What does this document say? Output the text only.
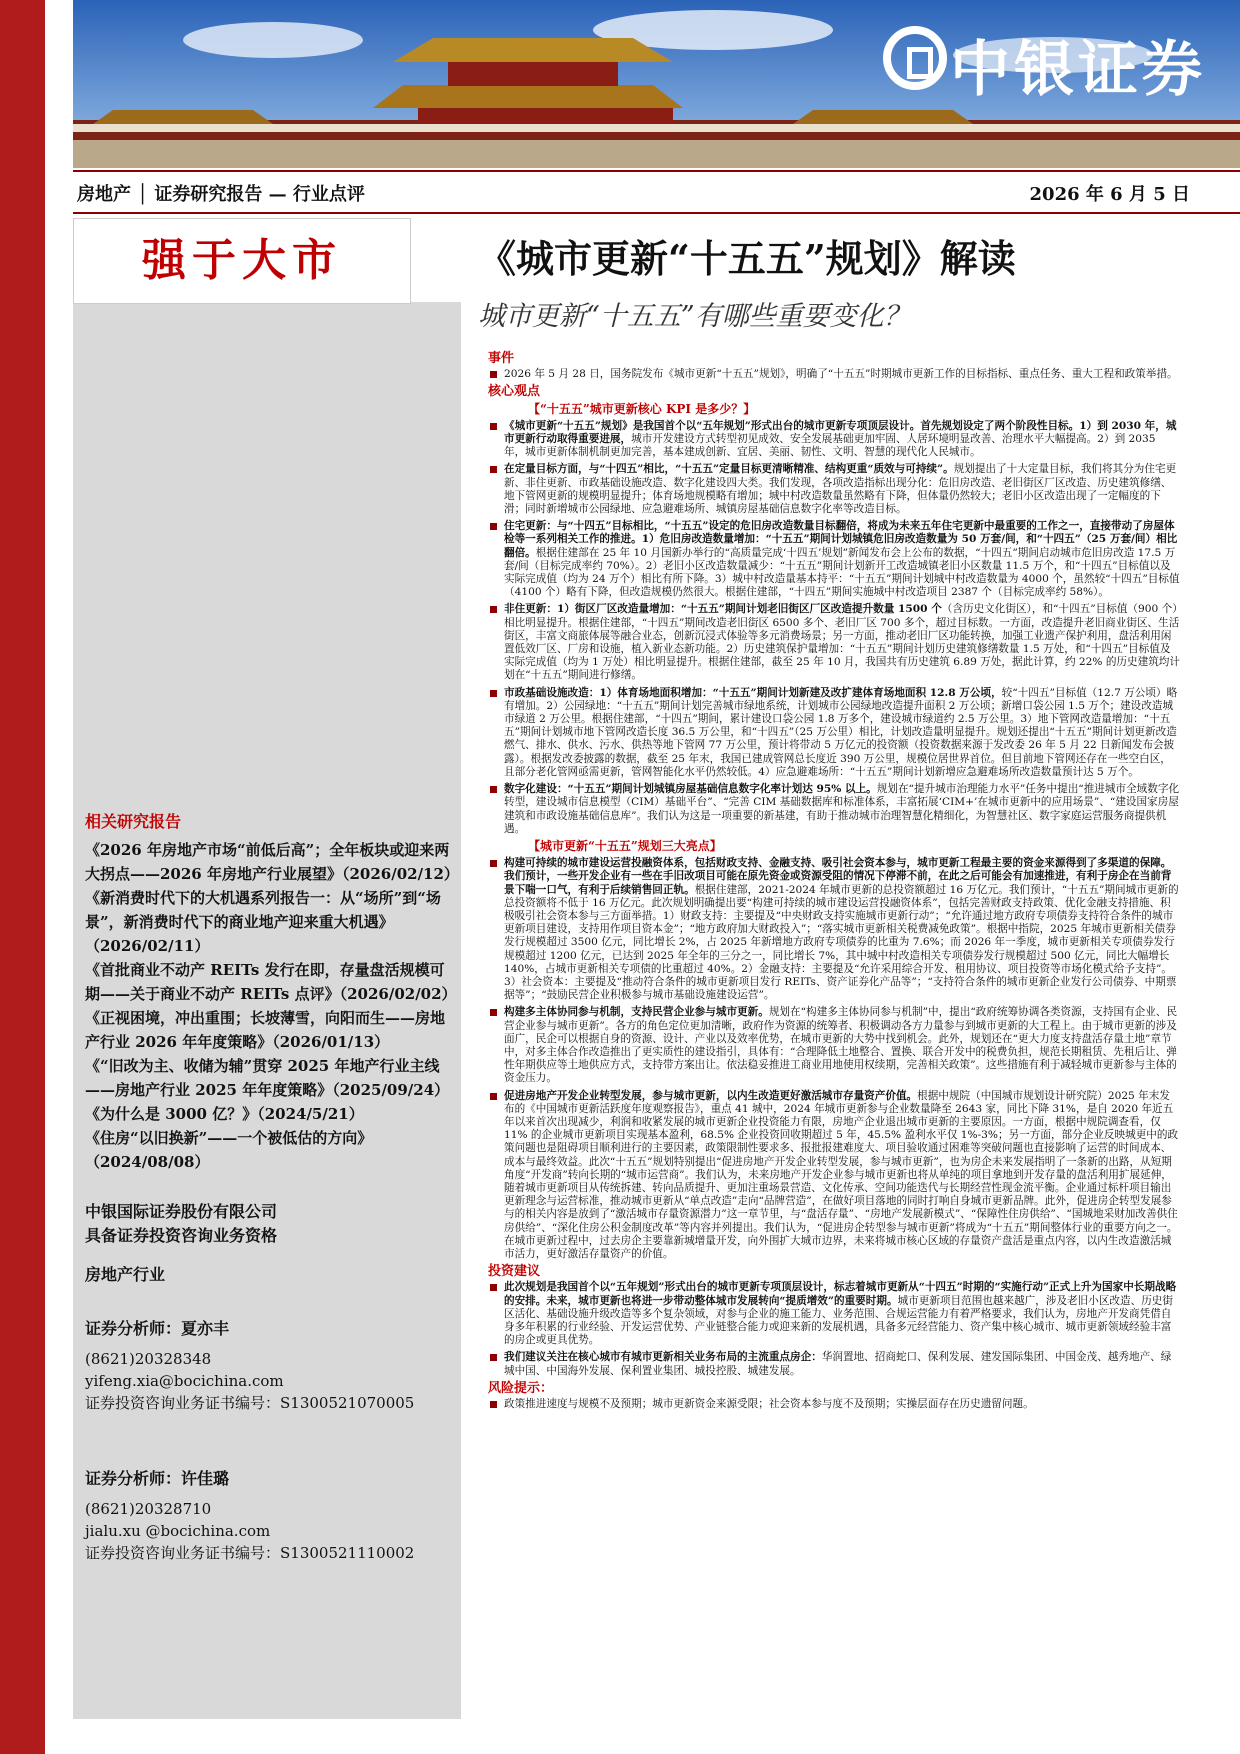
中银证券
房地产 │ 证券研究报告 — 行业点评	2026 年 6 月 5 日
强于大市	《城市更新“十五五”规划》解读
城市更新“十五五”有哪些重要变化？
事件
2026 年 5 月 28 日，国务院发布《城市更新“十五五”规划》，明确了“十五五”时期城市更新工作的目标指标、重点任务、重大工程和政策举措。
核心观点
【“十五五”城市更新核心 KPI 是多少？】
《城市更新“十五五”规划》是我国首个以“五年规划”形式出台的城市更新专项顶层设计。首先规划设定了两个阶段性目标。1）到 2030 年，城市更新行动取得重要进展，城市开发建设方式转型初见成效、安全发展基础更加牢固、人居环境明显改善、治理水平大幅提高。2）到 2035 年，城市更新体制机制更加完善，基本建成创新、宜居、美丽、韧性、文明、智慧的现代化人民城市。
在定量目标方面，与“十四五”相比，“十五五”定量目标更清晰精准、结构更重“质效与可持续”。规划提出了十大定量目标，我们将其分为住宅更新、非住更新、市政基础设施改造、数字化建设四大类。我们发现，各项改造指标出现分化：危旧房改造、老旧街区厂区改造、历史建筑修缮、地下管网更新的规模明显提升；体育场地规模略有增加；城中村改造数量虽然略有下降，但体量仍然较大；老旧小区改造出现了一定幅度的下滑；同时新增城市公园绿地、应急避难场所、城镇房屋基础信息数字化率等改造目标。
住宅更新：与“十四五”目标相比，“十五五”设定的危旧房改造数量目标翻倍，将成为未来五年住宅更新中最重要的工作之一，直接带动了房屋体检等一系列相关工作的推进。1）危旧房改造数量增加：“十五五”期间计划城镇危旧房改造数量为 50 万套/间，和“十四五”（25 万套/间）相比翻倍。根据住建部在 25 年 10 月国新办举行的“高质量完成‘十四五’规划”新闻发布会上公布的数据，“十四五”期间启动城市危旧房改造 17.5 万套/间（目标完成率约 70%）。2）老旧小区改造数量减少：“十五五”期间计划新开工改造城镇老旧小区数量 11.5 万个，和“十四五”目标值以及实际完成值（均为 24 万个）相比有所下降。3）城中村改造量基本持平：“十五五”期间计划城中村改造数量为 4000 个，虽然较“十四五”目标值（4100 个）略有下降，但改造规模仍然很大。根据住建部，“十四五”期间实施城中村改造项目 2387 个（目标完成率约 58%）。
非住更新：1）街区厂区改造量增加：“十五五”期间计划老旧街区厂区改造提升数量 1500 个（含历史文化街区），和“十四五”目标值（900 个）相比明显提升。根据住建部，“十四五”期间改造老旧街区 6500 多个、老旧厂区 700 多个，超过目标数。一方面，改造提升老旧商业街区、生活街区，丰富文商旅体展等融合业态，创新沉浸式体验等多元消费场景；另一方面，推动老旧厂区功能转换，加强工业遗产保护利用，盘活利用闲置低效厂区、厂房和设施，植入新业态新功能。2）历史建筑保护量增加：“十五五”期间计划历史建筑修缮数量 1.5 万处，和“十四五”目标值及实际完成值（均为 1 万处）相比明显提升。根据住建部，截至 25 年 10 月，我国共有历史建筑 6.89 万处，据此计算，约 22% 的历史建筑均计划在“十五五”期间进行修缮。
市政基础设施改造：1）体育场地面积增加：“十五五”期间计划新建及改扩建体育场地面积 12.8 万公顷，较“十四五”目标值（12.7 万公顷）略有增加。2）公园绿地：“十五五”期间计划完善城市绿地系统，计划城市公园绿地改造提升面积 2 万公顷；新增口袋公园 1.5 万个；建设改造城市绿道 2 万公里。根据住建部，“十四五”期间，累计建设口袋公园 1.8 万多个，建设城市绿道约 2.5 万公里。3）地下管网改造量增加：“十五五”期间计划城市地下管网改造长度 36.5 万公里，和“十四五”（25 万公里）相比，计划改造量明显提升。规划还提出“十五五”期间计划更新改造燃气、排水、供水、污水、供热等地下管网 77 万公里，预计将带动 5 万亿元的投资额（投资数据来源于发改委 26 年 5 月 22 日新闻发布会披露）。根据发改委披露的数据，截至 25 年末，我国已建成管网总长度近 390 万公里，规模位居世界首位。但目前地下管网还存在一些空白区，且部分老化管网亟需更新，管网智能化水平仍然较低。4）应急避难场所：“十五五”期间计划新增应急避难场所改造数量预计达 5 万个。
数字化建设：“十五五”期间计划城镇房屋基础信息数字化率计划达 95% 以上。规划在“提升城市治理能力水平”任务中提出“推进城市全域数字化转型，建设城市信息模型（CIM）基础平台”、“完善 CIM 基础数据库和标准体系，丰富拓展‘CIM+’在城市更新中的应用场景”、“建设国家房屋建筑和市政设施基础信息库”。我们认为这是一项重要的新基建，有助于推动城市治理智慧化精细化，为智慧社区、数字家庭运营服务商提供机遇。
【城市更新“十五五”规划三大亮点】
构建可持续的城市建设运营投融资体系，包括财政支持、金融支持、吸引社会资本参与，城市更新工程最主要的资金来源得到了多渠道的保障。我们预计，一些开发企业有一些在手旧改项目可能在原先资金或资源受阻的情况下停滞不前，在此之后可能会有加速推进，有利于房企在当前背景下喘一口气，有利于后续销售回正轨。根据住建部，2021-2024 年城市更新的总投资额超过 16 万亿元。我们预计，“十五五”期间城市更新的总投资额将不低于 16 万亿元。此次规划明确提出要“构建可持续的城市建设运营投融资体系”，包括完善财政支持政策、优化金融支持措施、积极吸引社会资本参与三方面举措。1）财政支持：主要提及“中央财政支持实施城市更新行动”；“允许通过地方政府专项债券支持符合条件的城市更新项目建设，支持用作项目资本金”；“地方政府加大财政投入”；“落实城市更新相关税费减免政策”。根据中指院，2025 年城市更新相关债券发行规模超过 3500 亿元，同比增长 2%，占 2025 年新增地方政府专项债券的比重为 7.6%；而 2026 年一季度，城市更新相关专项债券发行规模超过 1200 亿元，已达到 2025 年全年的三分之一，同比增长 7%，其中城中村改造相关专项债券发行规模超过 500 亿元，同比大幅增长 140%，占城市更新相关专项债的比重超过 40%。2）金融支持：主要提及“允许采用综合开发、租用协议、项目投资等市场化模式给予支持”。3）社会资本：主要提及“推动符合条件的城市更新项目发行 REITs、资产证券化产品等”；“支持符合条件的城市更新企业发行公司债券、中期票据等”；“鼓励民营企业积极参与城市基础设施建设运营”。
构建多主体协同参与机制，支持民营企业参与城市更新。规划在“构建多主体协同参与机制”中，提出“政府统筹协调各类资源，支持国有企业、民营企业参与城市更新”。各方的角色定位更加清晰，政府作为资源的统筹者、积极调动各方力量参与到城市更新的大工程上。由于城市更新的涉及面广，民企可以根据自身的资源、设计、产业以及效率优势，在城市更新的大势中找到机会。此外，规划还在“更大力度支持盘活存量土地”章节中，对多主体合作改造推出了更实质性的建设指引，具体有：“合理降低土地整合、置换、联合开发中的税费负担，规范长期租赁、先租后让、弹性年期供应等土地供应方式，支持带方案出让。依法稳妥推进工商业用地使用权续期，完善相关政策”。这些措施有利于减轻城市更新参与主体的资金压力。
促进房地产开发企业转型发展，参与城市更新，以内生改造更好激活城市存量资产价值。根据中规院（中国城市规划设计研究院）2025 年末发布的《中国城市更新活跃度年度观察报告》，重点 41 城中，2024 年城市更新参与企业数量降至 2643 家，同比下降 31%，是自 2020 年近五年以来首次出现减少，利润和收紧发展的城市更新企业投资能力有限，房地产企业退出城市更新的主要原因。一方面，根据中规院调查看，仅 11% 的企业城市更新项目实现基本盈利，68.5% 企业投资回收期超过 5 年，45.5% 盈利水平仅 1%-3%；另一方面，部分企业反映城更中的政策问题也是阻碍项目顺利进行的主要因素，政策限制性要求多、报批报建难度大、项目验收通过困难等突破问题也直接影响了运营的时间成本、成本与最终效益。此次“十五五”规划特别提出“促进房地产开发企业转型发展，参与城市更新”，也为房企未来发展指明了一条新的出路，从短期角度“开发商”转向长期的“城市运营商”。我们认为，未来房地产开发企业参与城市更新也将从单纯的项目拿地到开发存量的盘活利用扩展延伸，随着城市更新项目从传统拆建、转向品质提升、更加注重场景营造、文化传承、空间功能迭代与长期经营性现金流平衡。企业通过标杆项目输出更新理念与运营标准，推动城市更新从“单点改造”走向“品牌营造”，在做好项目落地的同时打响自身城市更新品牌。此外，促进房企转型发展参与的相关内容是放到了“激活城市存量资源潜力”这一章节里，与“盘活存量”、“房地产发展新模式”、“保障性住房供给”、“国城地采财加改善供住房供给”、“深化住房公积金制度改革”等内容并列提出。我们认为，“促进房企转型参与城市更新”将成为“十五五”期间整体行业的重要方向之一。在城市更新过程中，过去房企主要靠新城增量开发，向外围扩大城市边界，未来将城市核心区域的存量资产盘活是重点内容，以内生改造激活城市活力，更好激活存量资产的价值。
投资建议
此次规划是我国首个以“五年规划”形式出台的城市更新专项顶层设计，标志着城市更新从“十四五”时期的“实施行动”正式上升为国家中长期战略的安排。未来，城市更新也将进一步带动整体城市发展转向“提质增效”的重要时期。城市更新项目范围也越来越广，涉及老旧小区改造、历史街区活化、基础设施升级改造等多个复杂领域，对参与企业的施工能力、业务范围、合规运营能力有着严格要求，我们认为，房地产开发商凭借自身多年积累的行业经验、开发运营优势、产业链整合能力或迎来新的发展机遇，具备多元经营能力、资产集中核心城市、城市更新领域经验丰富的房企或更具优势。
我们建议关注在核心城市有城市更新相关业务布局的主流重点房企：华润置地、招商蛇口、保利发展、建发国际集团、中国金茂、越秀地产、绿城中国、中国海外发展、保利置业集团、城投控股、城建发展。
风险提示：
政策推进速度与规模不及预期；城市更新资金来源受限；社会资本参与度不及预期；实操层面存在历史遗留问题。
相关研究报告
《2026 年房地产市场“前低后高”；全年板块或迎来两大拐点——2026 年房地产行业展望》（2026/02/12）
《新消费时代下的大机遇系列报告一：从“场所”到“场景”，新消费时代下的商业地产迎来重大机遇》（2026/02/11）
《首批商业不动产 REITs 发行在即，存量盘活规模可期——关于商业不动产 REITs 点评》（2026/02/02）
《正视困境，冲出重围；长坡薄雪，向阳而生——房地产行业 2026 年年度策略》（2026/01/13）
《“旧改为主、收储为辅”贯穿 2025 年地产行业主线——房地产行业 2025 年年度策略》（2025/09/24）
《为什么是 3000 亿？》（2024/5/21）
《住房“以旧换新”——一个被低估的方向》（2024/08/08）
中银国际证券股份有限公司
具备证券投资咨询业务资格
房地产行业
证券分析师：夏亦丰
(8621)20328348
yifeng.xia@bocichina.com
证券投资咨询业务证书编号：S1300521070005
证券分析师：许佳璐
(8621)20328710
jialu.xu @bocichina.com
证券投资咨询业务证书编号：S1300521110002
